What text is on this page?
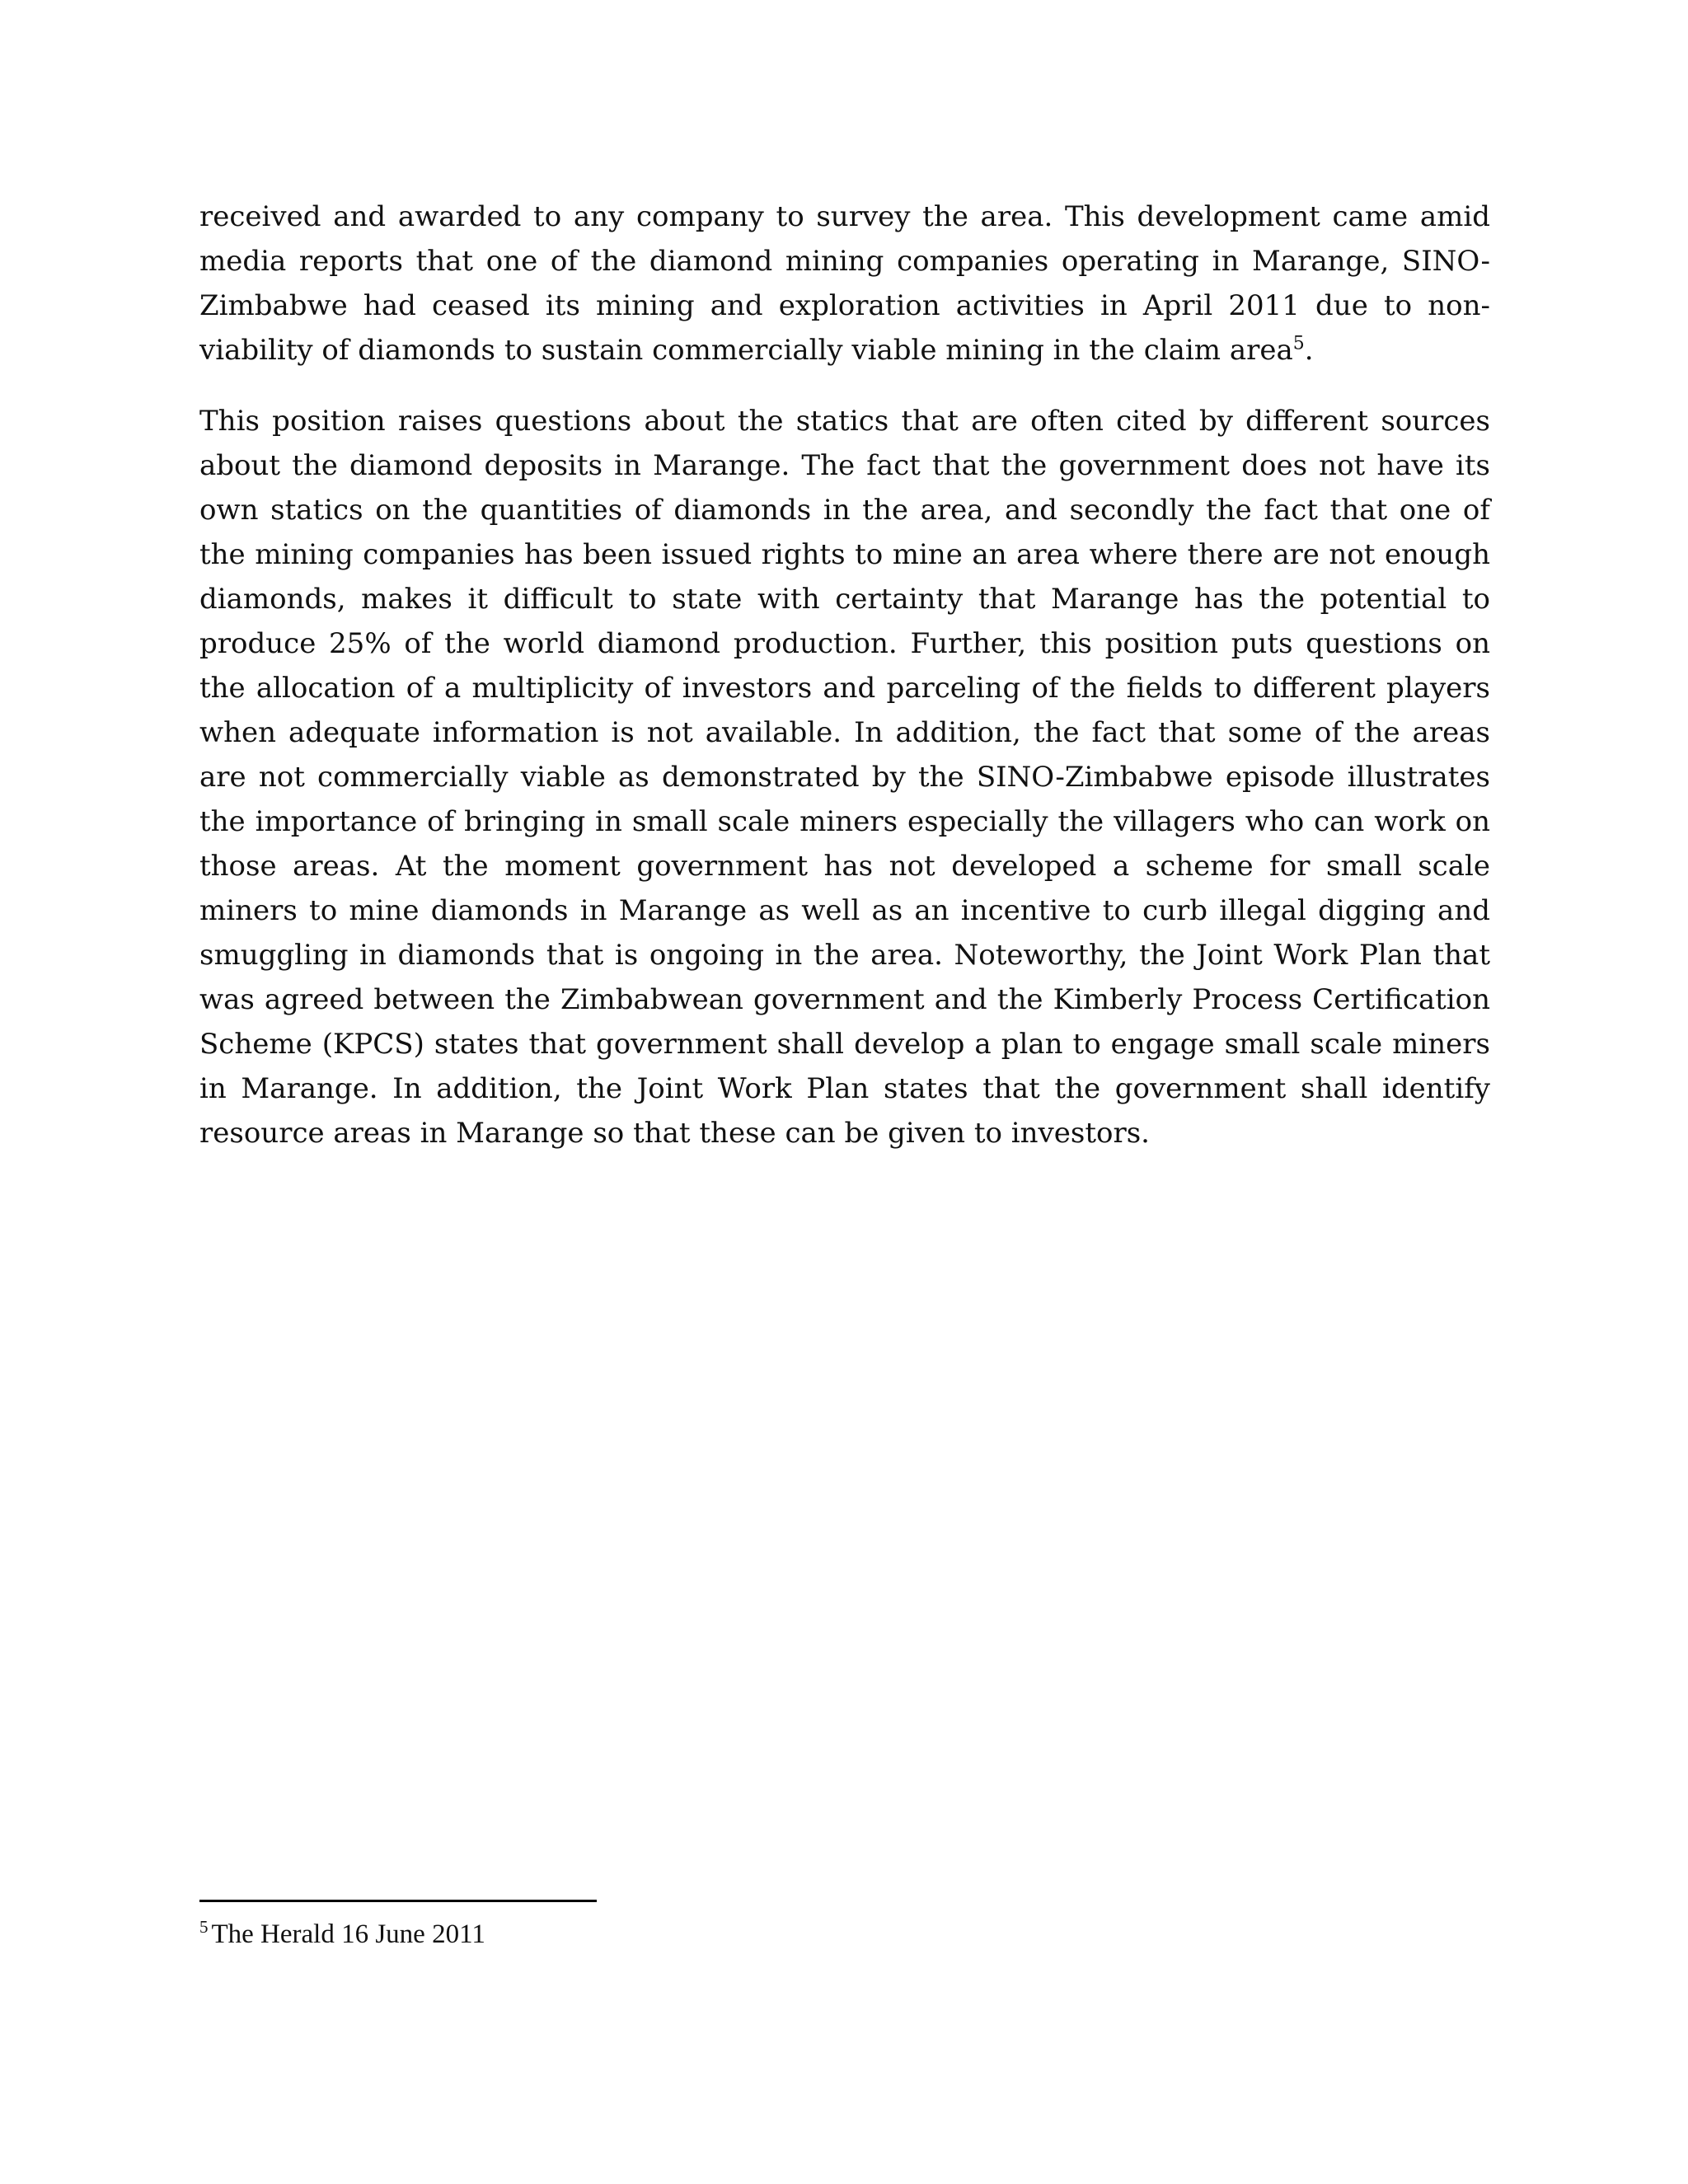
received and awarded to any company to survey the area. This development came amid media reports that one of the diamond mining companies operating in Marange, SINO-Zimbabwe had ceased its mining and exploration activities in April 2011 due to non-viability of diamonds to sustain commercially viable mining in the claim area$^5$.

This position raises questions about the statics that are often cited by different sources about the diamond deposits in Marange. The fact that the government does not have its own statics on the quantities of diamonds in the area, and secondly the fact that one of the mining companies has been issued rights to mine an area where there are not enough diamonds, makes it difficult to state with certainty that Marange has the potential to produce 25% of the world diamond production. Further, this position puts questions on the allocation of a multiplicity of investors and parceling of the fields to different players when adequate information is not available. In addition, the fact that some of the areas are not commercially viable as demonstrated by the SINO-Zimbabwe episode illustrates the importance of bringing in small scale miners especially the villagers who can work on those areas. At the moment government has not developed a scheme for small scale miners to mine diamonds in Marange as well as an incentive to curb illegal digging and smuggling in diamonds that is ongoing in the area. Noteworthy, the Joint Work Plan that was agreed between the Zimbabwean government and the Kimberly Process Certification Scheme (KPCS) states that government shall develop a plan to engage small scale miners in Marange. In addition, the Joint Work Plan states that the government shall identify resource areas in Marange so that these can be given to investors.

$^5$ The Herald 16 June 2011
